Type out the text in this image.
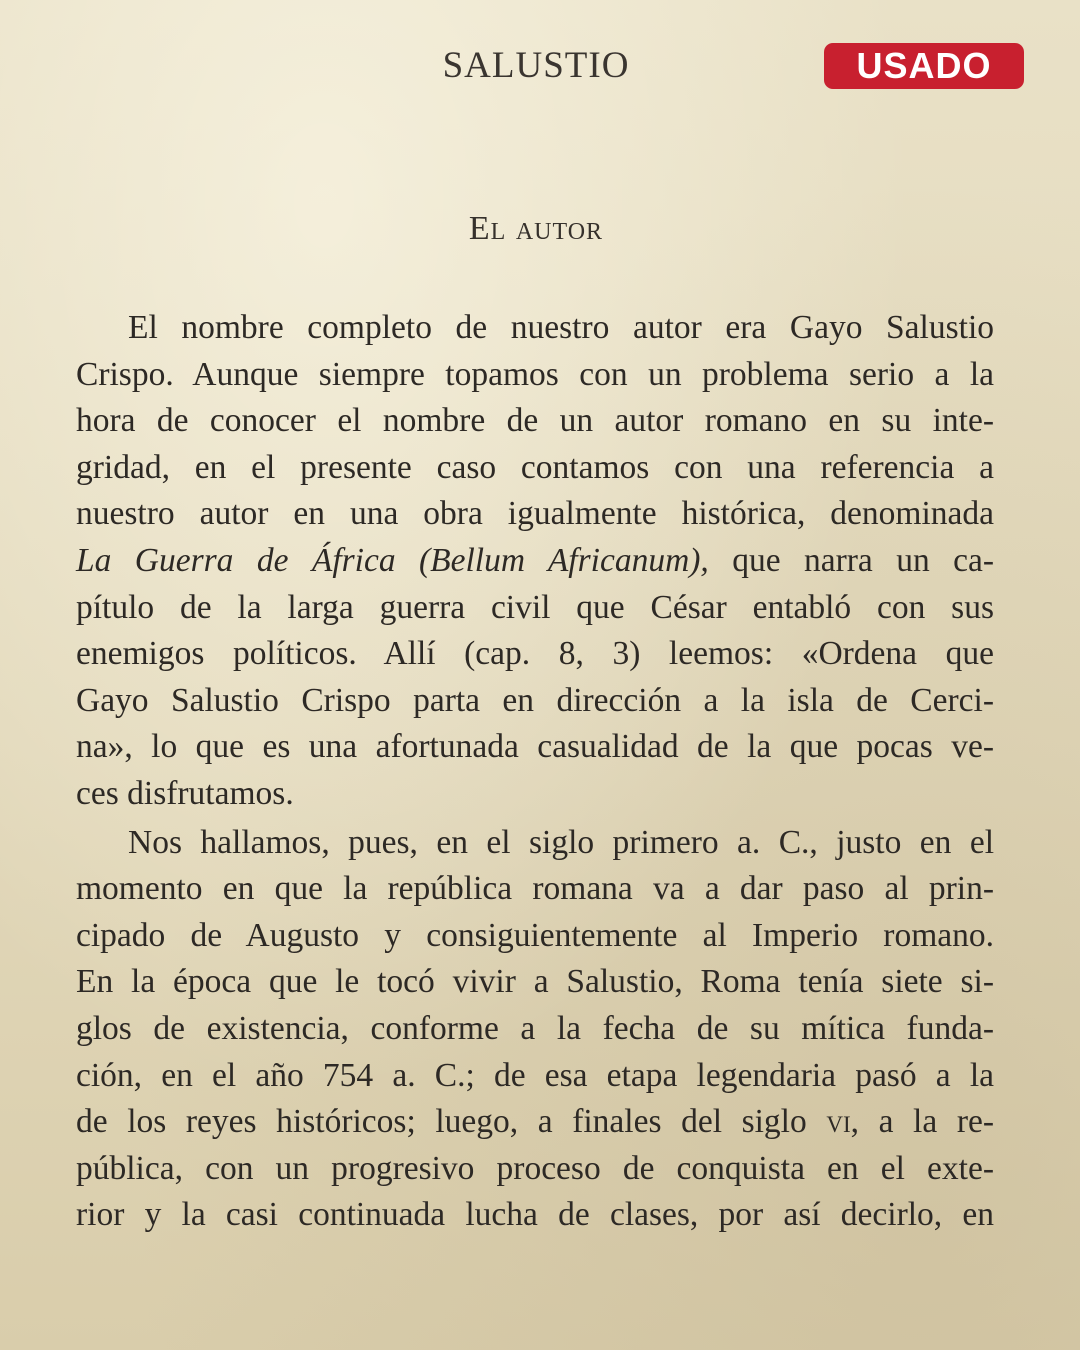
SALUSTIO	USADO
El autor
El nombre completo de nuestro autor era Gayo Salustio
Crispo. Aunque siempre topamos con un problema serio a la
hora de conocer el nombre de un autor romano en su inte-
gridad, en el presente caso contamos con una referencia a
nuestro autor en una obra igualmente histórica, denominada
La Guerra de África (Bellum Africanum), que narra un ca-
pítulo de la larga guerra civil que César entabló con sus
enemigos políticos. Allí (cap. 8, 3) leemos: «Ordena que
Gayo Salustio Crispo parta en dirección a la isla de Cerci-
na», lo que es una afortunada casualidad de la que pocas ve-
ces disfrutamos.
Nos hallamos, pues, en el siglo primero a. C., justo en el
momento en que la república romana va a dar paso al prin-
cipado de Augusto y consiguientemente al Imperio romano.
En la época que le tocó vivir a Salustio, Roma tenía siete si-
glos de existencia, conforme a la fecha de su mítica funda-
ción, en el año 754 a. C.; de esa etapa legendaria pasó a la
de los reyes históricos; luego, a finales del siglo vi, a la re-
pública, con un progresivo proceso de conquista en el exte-
rior y la casi continuada lucha de clases, por así decirlo, en
